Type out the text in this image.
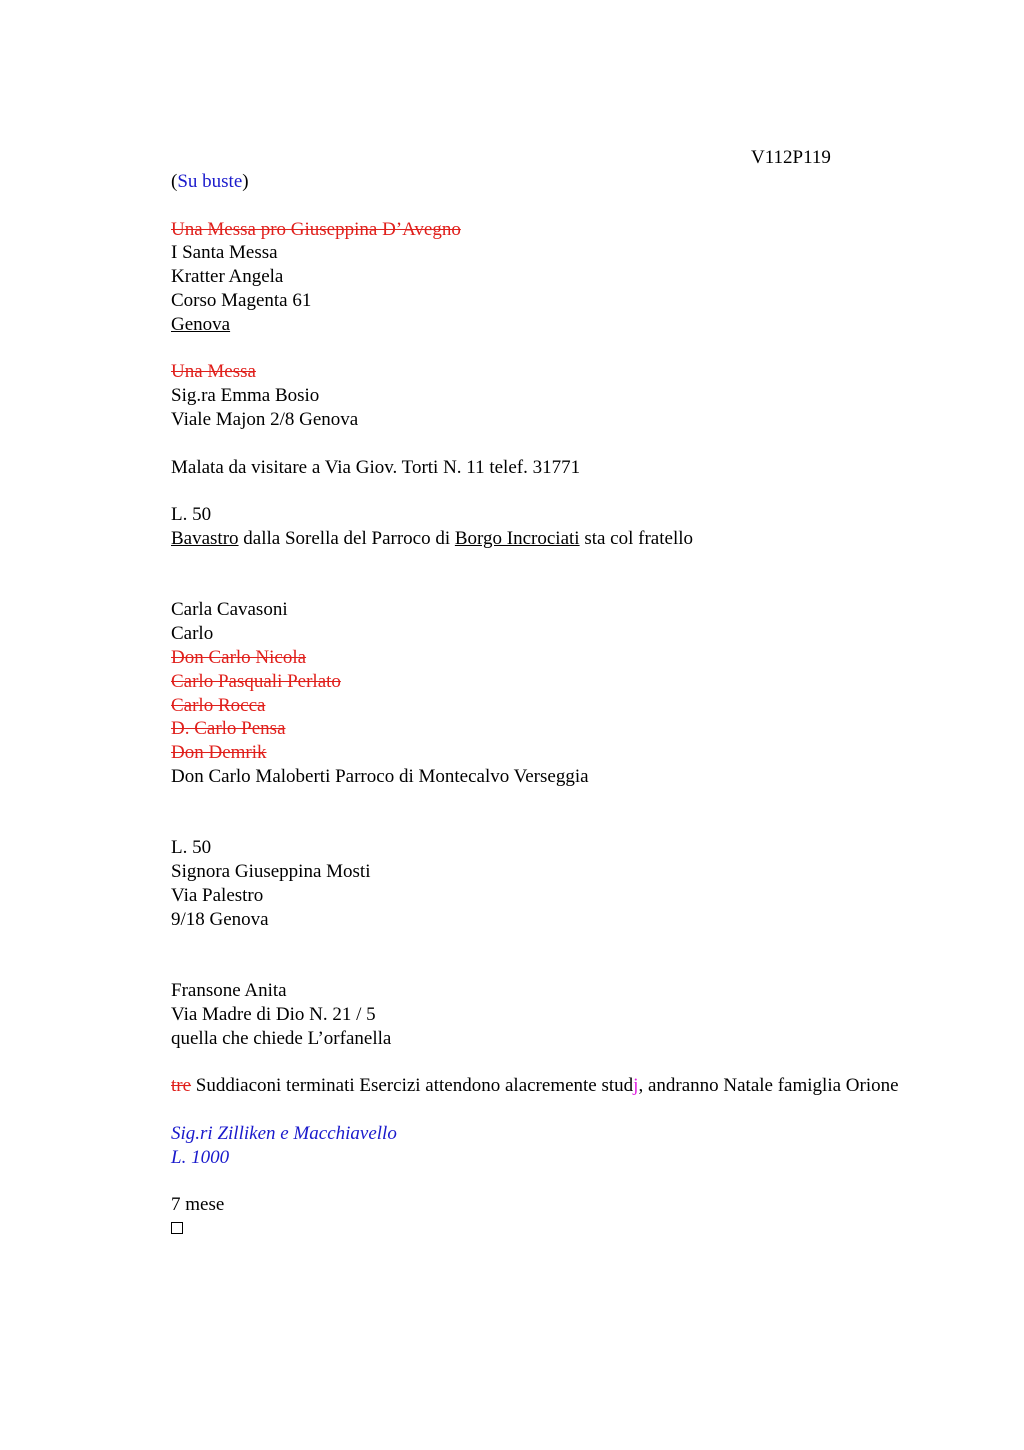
V112P119
(Su buste)
Una Messa pro Giuseppina D’Avegno
I Santa Messa
Kratter Angela
Corso Magenta 61
Genova
Una Messa
Sig.ra Emma Bosio
Viale Majon 2/8 Genova
Malata da visitare a Via Giov. Torti N. 11 telef. 31771
L. 50
Bavastro dalla Sorella del Parroco di Borgo Incrociati sta col fratello
Carla Cavasoni
Carlo
Don Carlo Nicola
Carlo Pasquali Perlato
Carlo Rocca
D. Carlo Pensa
Don Demrik
Don Carlo Maloberti Parroco di Montecalvo Verseggia
L. 50
Signora Giuseppina Mosti
Via Palestro
9/18 Genova
Fransone Anita
Via Madre di Dio N. 21 / 5
quella che chiede L’orfanella
tre Suddiaconi terminati Esercizi attendono alacremente studj, andranno Natale famiglia Orione
Sig.ri Zilliken e Macchiavello
L. 1000
7 mese
